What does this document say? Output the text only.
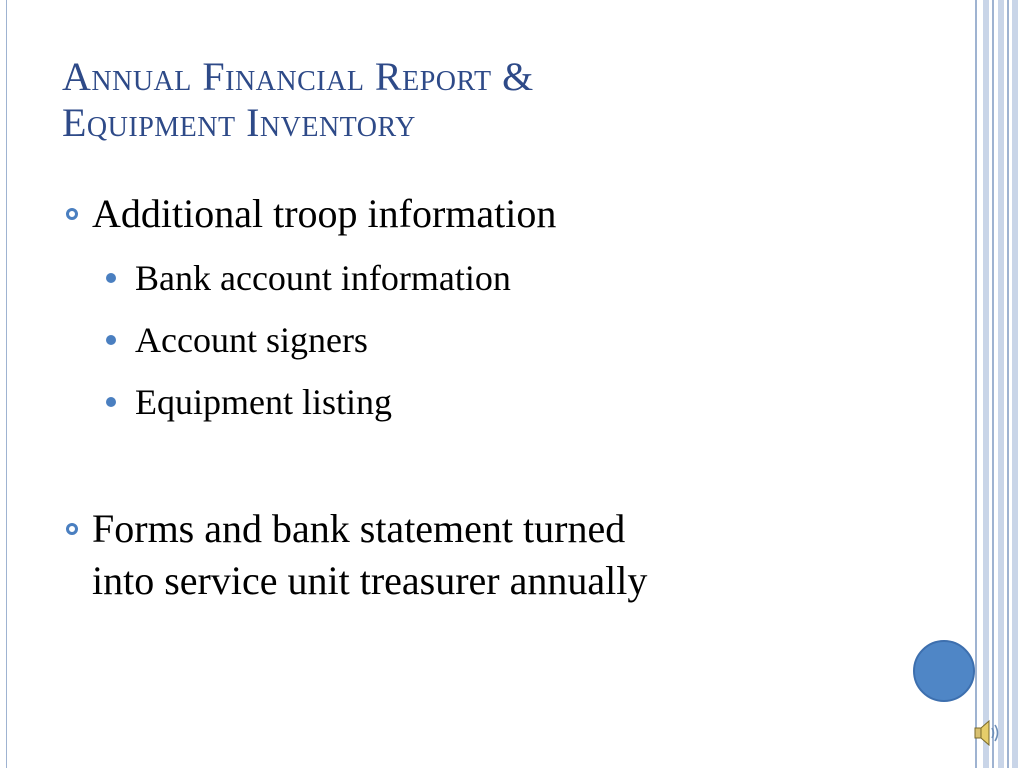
Annual Financial Report &
Equipment Inventory
Additional troop information
Bank account information
Account signers
Equipment listing
Forms and bank statement turned
into service unit treasurer annually
